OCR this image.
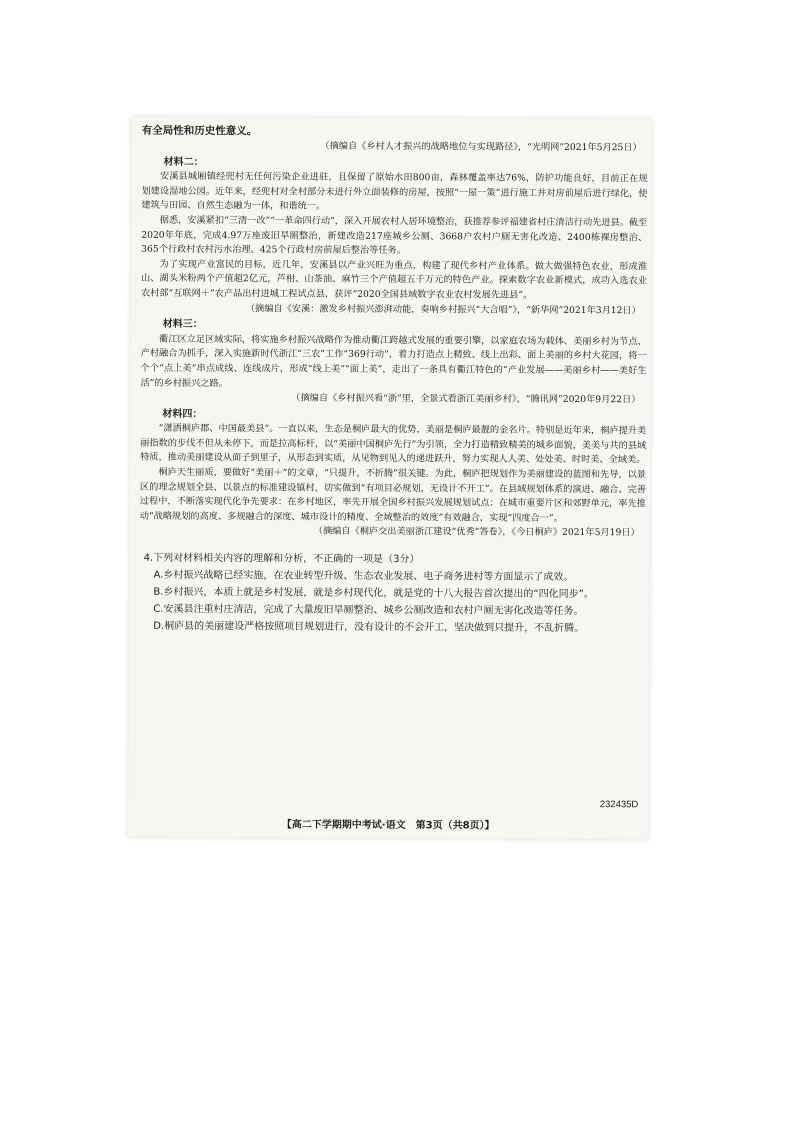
有全局性和历史性意义。
（摘编自《乡村人才振兴的战略地位与实现路径》，“光明网”2021年5月25日）
材料二：

安溪县城厢镇经兜村无任何污染企业进驻，且保留了原始水田800亩，森林覆盖率达76%，防护功能良好，目前正在规划建设湿地公园。近年来，经兜村对全村部分未进行外立面装修的房屋，按照“一屋一策”进行施工并对房前屋后进行绿化，使建筑与田园、自然生态融为一体，和谐统一。

据悉，安溪紧扣“三清一改”“一革命四行动”，深入开展农村人居环境整治，获推荐参评福建省村庄清洁行动先进县。截至2020年年底，完成4.97万座废旧旱厕整治，新建改造217座城乡公厕、3668户农村户厕无害化改造、2400栋裸房整治、365个行政村农村污水治理、425个行政村房前屋后整治等任务。

为了实现产业富民的目标，近几年，安溪县以产业兴旺为重点，构建了现代乡村产业体系。做大做强特色农业，形成淮山、湖头米粉两个产值超2亿元，芦柑、山茶油、麻竹三个产值超五千万元的特色产业。探索数字农业新模式，成功入选农业农村部“互联网＋”农产品出村进城工程试点县，获评“2020全国县域数字农业农村发展先进县”。

（摘编自《安溪：激发乡村振兴澎湃动能，奏响乡村振兴“大合唱”》，“新华网”2021年3月12日）
材料三：

衢江区立足区域实际，将实施乡村振兴战略作为推动衢江跨越式发展的重要引擎，以家庭农场为载体、美丽乡村为节点、产村融合为抓手，深入实施新时代浙江“三农”工作“369行动”，着力打造点上精致、线上出彩、面上美丽的乡村大花园，将一个个“点上美”串点成线、连线成片，形成“线上美”“面上美”，走出了一条具有衢江特色的“产业发展——美丽乡村——美好生活”的乡村振兴之路。

（摘编自《乡村振兴看“浙”里，全景式看浙江美丽乡村》，“腾讯网”2020年9月22日）
材料四：

“潇洒桐庐郡、中国最美县”。一直以来，生态是桐庐最大的优势，美丽是桐庐最靓的金名片。特别是近年来，桐庐提升美丽指数的步伐不但从未停下，而是拉高标杆，以“美丽中国桐庐先行”为引领，全力打造精致精美的城乡面貌，美美与共的县域特质，推动美丽建设从面子到里子，从形态到实质，从见物到见人的递进跃升，努力实现人人美、处处美、时时美、全域美。

桐庐天生丽质，要做好“美丽＋”的文章，“只提升，不折腾”很关键。为此，桐庐把规划作为美丽建设的蓝图和先导，以景区的理念规划全县、以景点的标准建设镇村，切实做到“有项目必规划，无设计不开工”。在县域规划体系的演进、融合、完善过程中，不断落实现代化争先要求：在乡村地区，率先开展全国乡村振兴发展规划试点；在城市重要片区和郊野单元，率先推动“战略规划的高度、多规融合的深度、城市设计的精度、全域整治的效度”有效融合，实现“四度合一”。

（摘编自《桐庐交出美丽浙江建设“优秀”答卷》，《今日桐庐》2021年5月19日）
4.下列对材料相关内容的理解和分析，不正确的一项是（3分）
A.乡村振兴战略已经实施，在农业转型升级、生态农业发展、电子商务进村等方面显示了成效。
B.乡村振兴，本质上就是乡村发展，就是乡村现代化，就是党的十八大报告首次提出的“四化同步”。
C.安溪县注重村庄清洁，完成了大量废旧旱厕整治、城乡公厕改造和农村户厕无害化改造等任务。
D.桐庐县的美丽建设严格按照项目规划进行，没有设计的不会开工，坚决做到只提升，不乱折腾。
232435D
【高二下学期期中考试·语文　第3页（共8页）】
